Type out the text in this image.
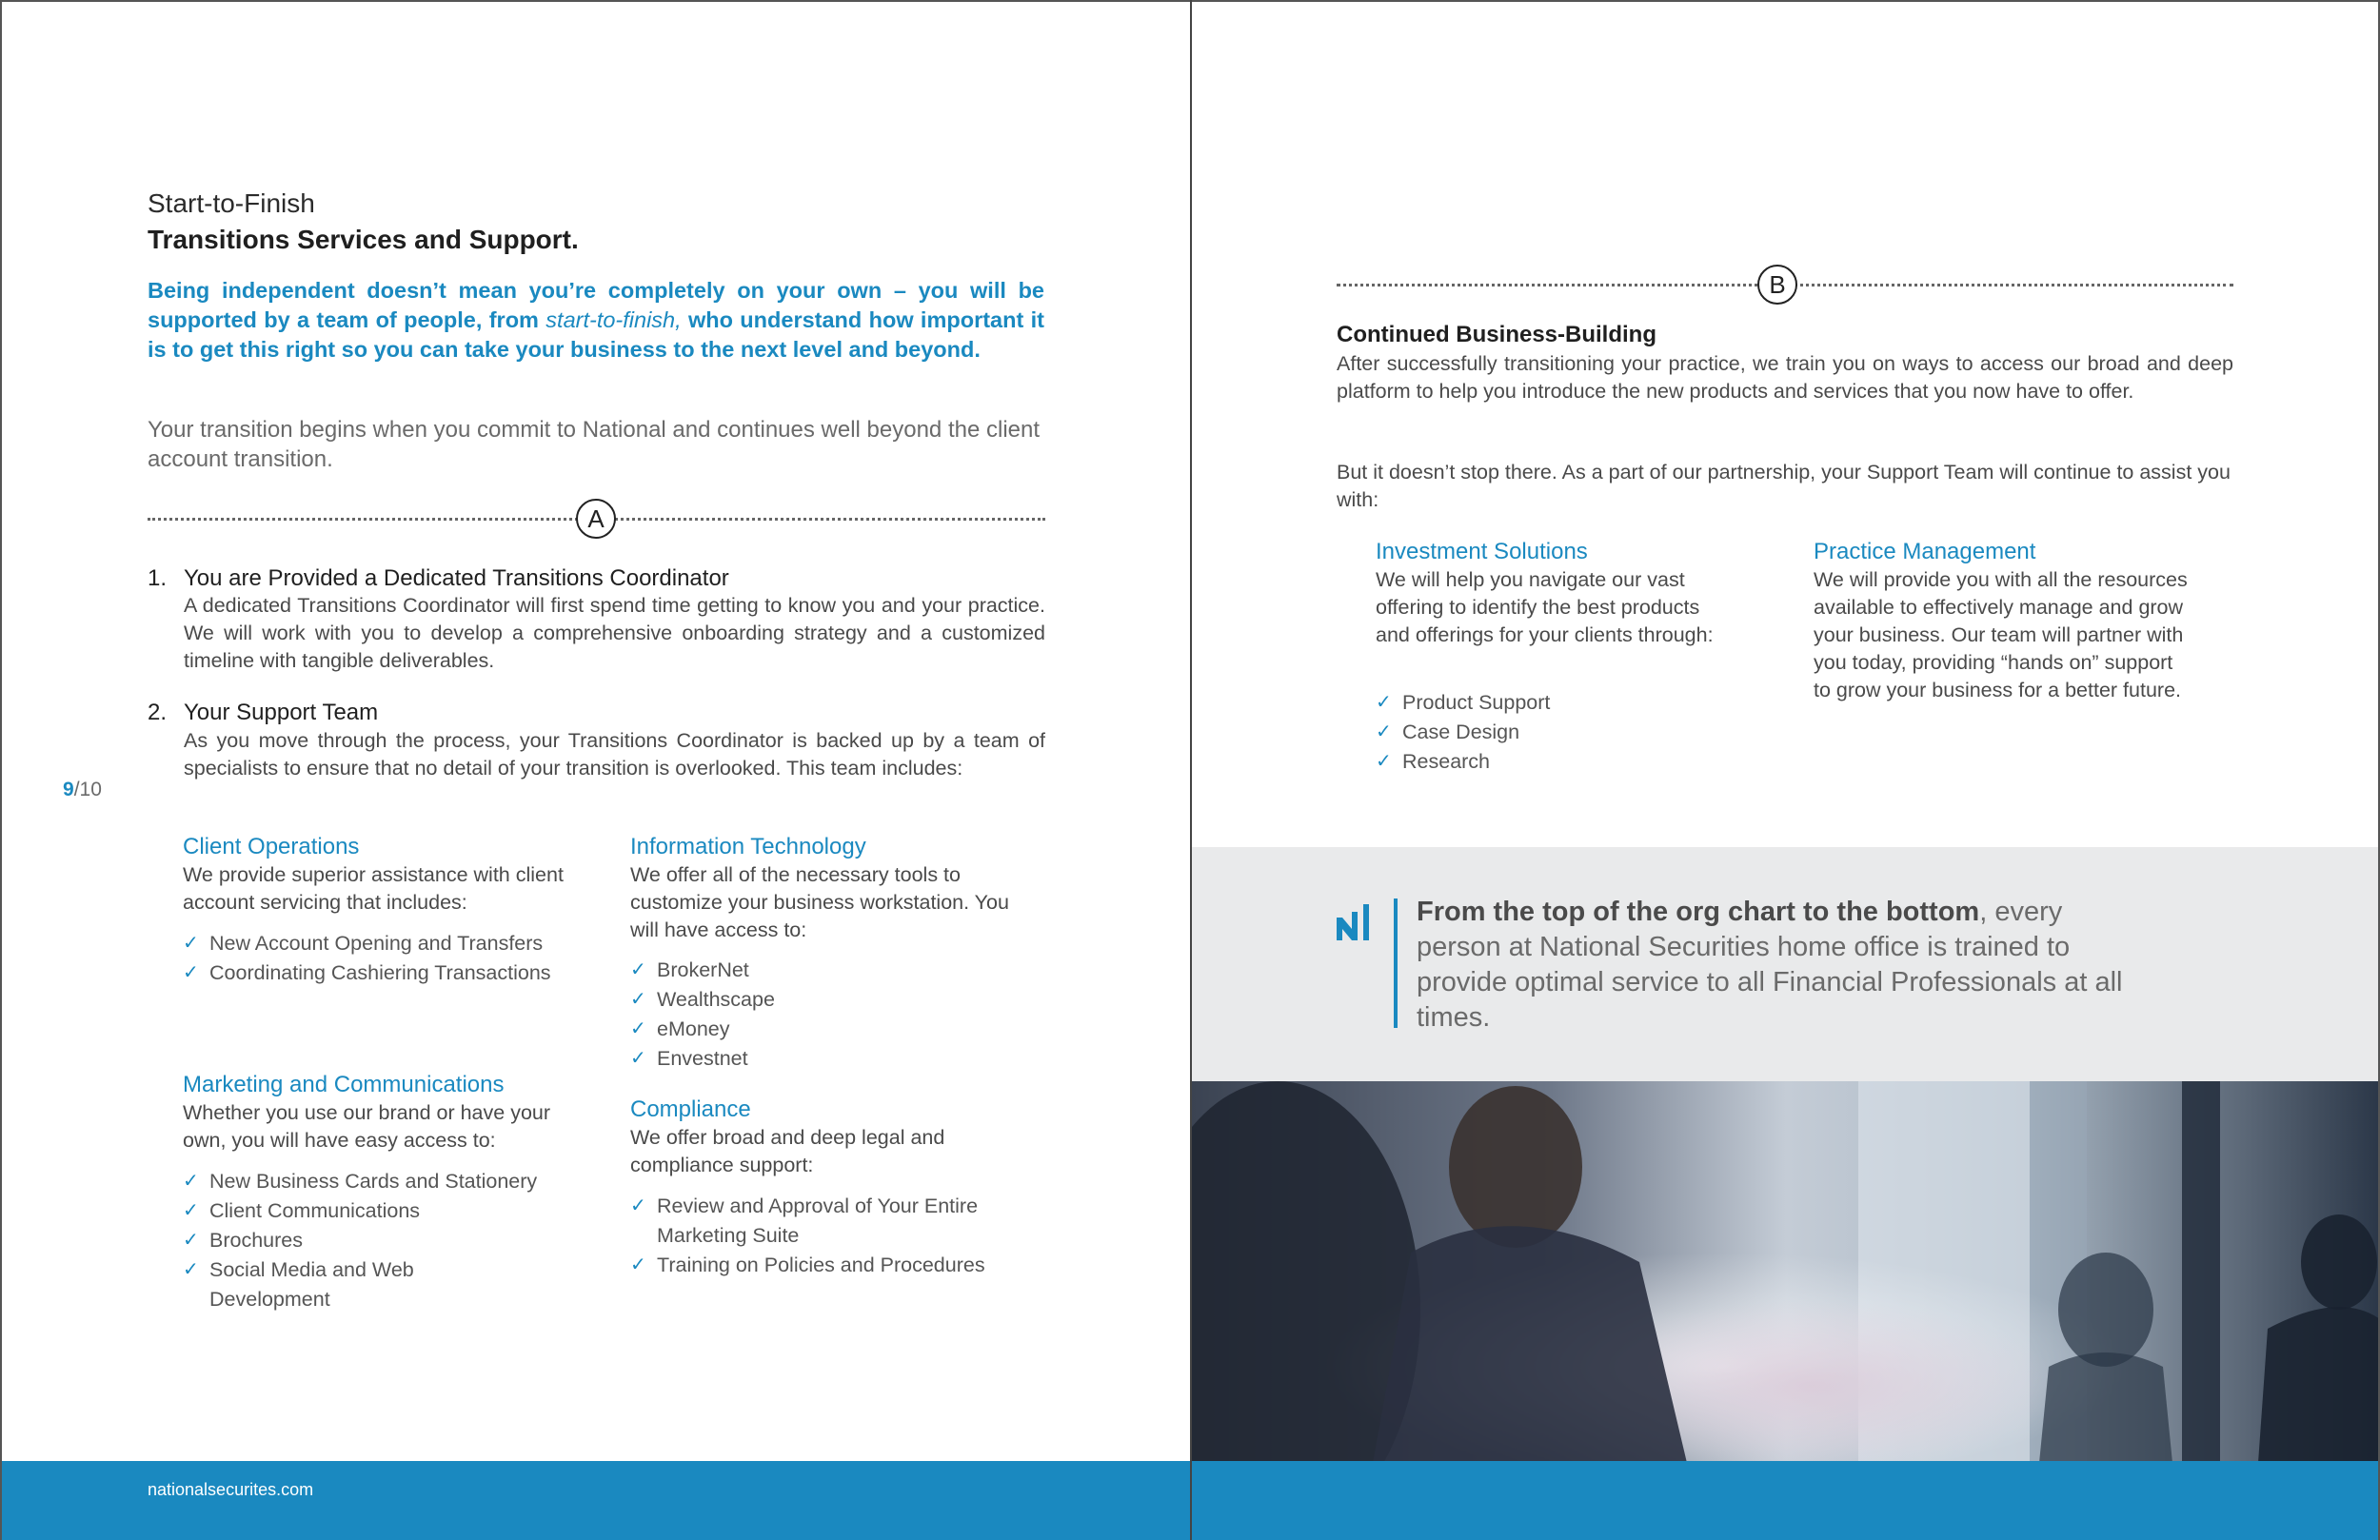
Start-to-Finish
Transitions Services and Support.

Being independent doesn’t mean you’re completely on your own – you will be supported by a team of people, from start-to-finish, who understand how important it is to get this right so you can take your business to the next level and beyond.

Your transition begins when you commit to National and continues well beyond the client account transition.

A
1. You are Provided a Dedicated Transitions Coordinator

A dedicated Transitions Coordinator will first spend time getting to know you and your practice. We will work with you to develop a comprehensive onboarding strategy and a customized timeline with tangible deliverables.

2. Your Support Team

As you move through the process, your Transitions Coordinator is backed up by a team of specialists to ensure that no detail of your transition is overlooked. This team includes:

Client Operations

We provide superior assistance with client account servicing that includes:

✓ New Account Opening and Transfers
✓ Coordinating Cashiering Transactions
Marketing and Communications

Whether you use our brand or have your own, you will have easy access to:

✓ New Business Cards and Stationery
✓ Client Communications
✓ Brochures
✓ Social Media and Web Development
Information Technology

We offer all of the necessary tools to customize your business workstation. You will have access to:

✓ BrokerNet
✓ Wealthscape
✓ eMoney
✓ Envestnet
Compliance

We offer broad and deep legal and compliance support:

✓ Review and Approval of Your Entire Marketing Suite
✓ Training on Policies and Procedures
9/10
nationalsecurites.com
B
Continued Business-Building

After successfully transitioning your practice, we train you on ways to access our broad and deep platform to help you introduce the new products and services that you now have to offer.

But it doesn’t stop there. As a part of our partnership, your Support Team will continue to assist you with:

Investment Solutions

We will help you navigate our vast offering to identify the best products and offerings for your clients through:

✓ Product Support
✓ Case Design
✓ Research
Practice Management

We will provide you with all the resources available to effectively manage and grow your business. Our team will partner with you today, providing “hands on” support to grow your business for a better future.

From the top of the org chart to the bottom, every person at National Securities home office is trained to provide optimal service to all Financial Professionals at all times.
